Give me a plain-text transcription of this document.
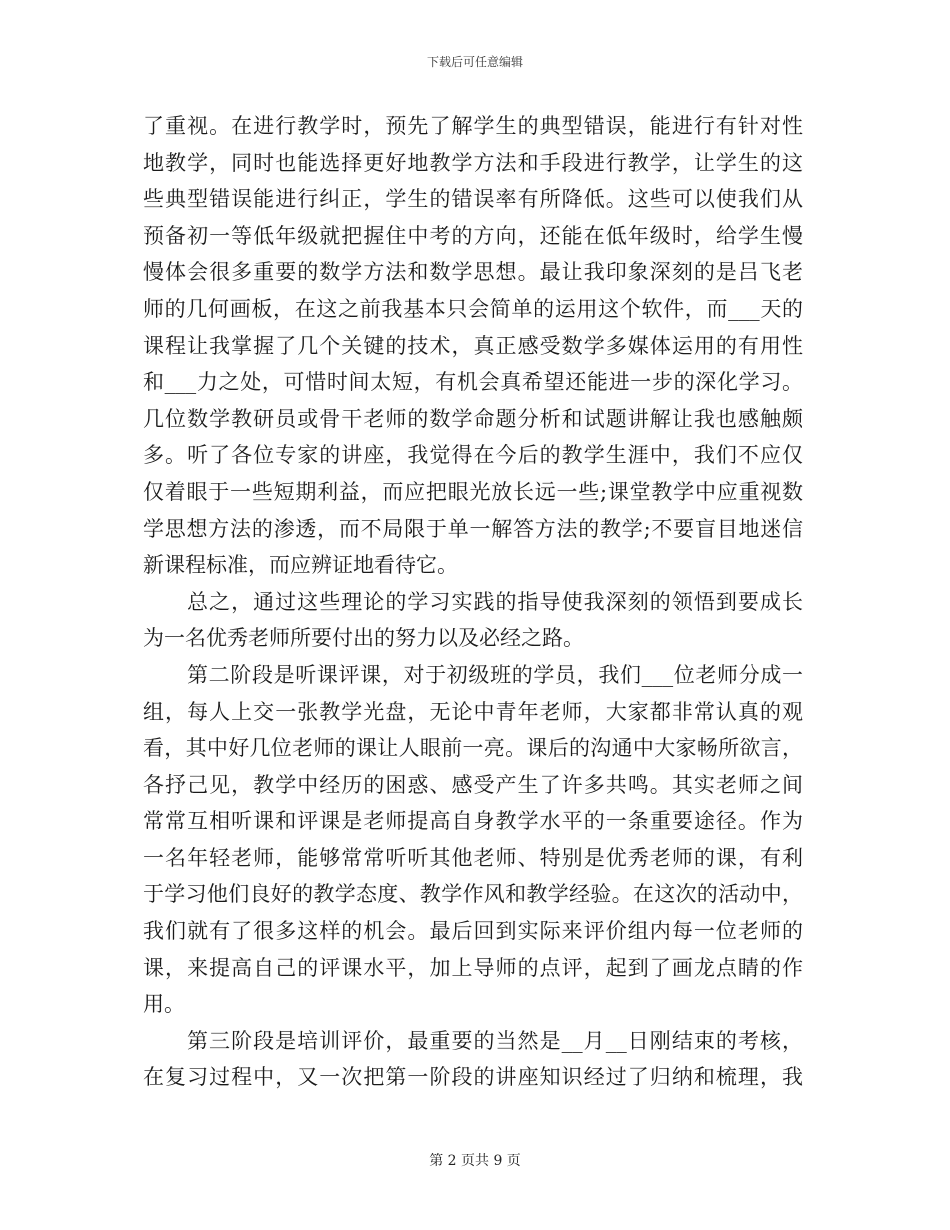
下载后可任意编辑
了重视。在进行教学时，预先了解学生的典型错误，能进行有针对性
地教学，同时也能选择更好地教学方法和手段进行教学，让学生的这
些典型错误能进行纠正，学生的错误率有所降低。这些可以使我们从
预备初一等低年级就把握住中考的方向，还能在低年级时，给学生慢
慢体会很多重要的数学方法和数学思想。最让我印象深刻的是吕飞老
师的几何画板，在这之前我基本只会简单的运用这个软件，而___天的
课程让我掌握了几个关键的技术，真正感受数学多媒体运用的有用性
和___力之处，可惜时间太短，有机会真希望还能进一步的深化学习。
几位数学教研员或骨干老师的数学命题分析和试题讲解让我也感触颇
多。听了各位专家的讲座，我觉得在今后的教学生涯中，我们不应仅
仅着眼于一些短期利益，而应把眼光放长远一些;课堂教学中应重视数
学思想方法的渗透，而不局限于单一解答方法的教学;不要盲目地迷信
新课程标准，而应辨证地看待它。
总之，通过这些理论的学习实践的指导使我深刻的领悟到要成长
为一名优秀老师所要付出的努力以及必经之路。
第二阶段是听课评课，对于初级班的学员，我们___位老师分成一
组，每人上交一张教学光盘，无论中青年老师，大家都非常认真的观
看，其中好几位老师的课让人眼前一亮。课后的沟通中大家畅所欲言，
各抒己见，教学中经历的困惑、感受产生了许多共鸣。其实老师之间
常常互相听课和评课是老师提高自身教学水平的一条重要途径。作为
一名年轻老师，能够常常听听其他老师、特别是优秀老师的课，有利
于学习他们良好的教学态度、教学作风和教学经验。在这次的活动中，
我们就有了很多这样的机会。最后回到实际来评价组内每一位老师的
课，来提高自己的评课水平，加上导师的点评，起到了画龙点睛的作
用。
第三阶段是培训评价，最重要的当然是__月__日刚结束的考核，
在复习过程中，又一次把第一阶段的讲座知识经过了归纳和梳理，我
第 2 页共 9 页
